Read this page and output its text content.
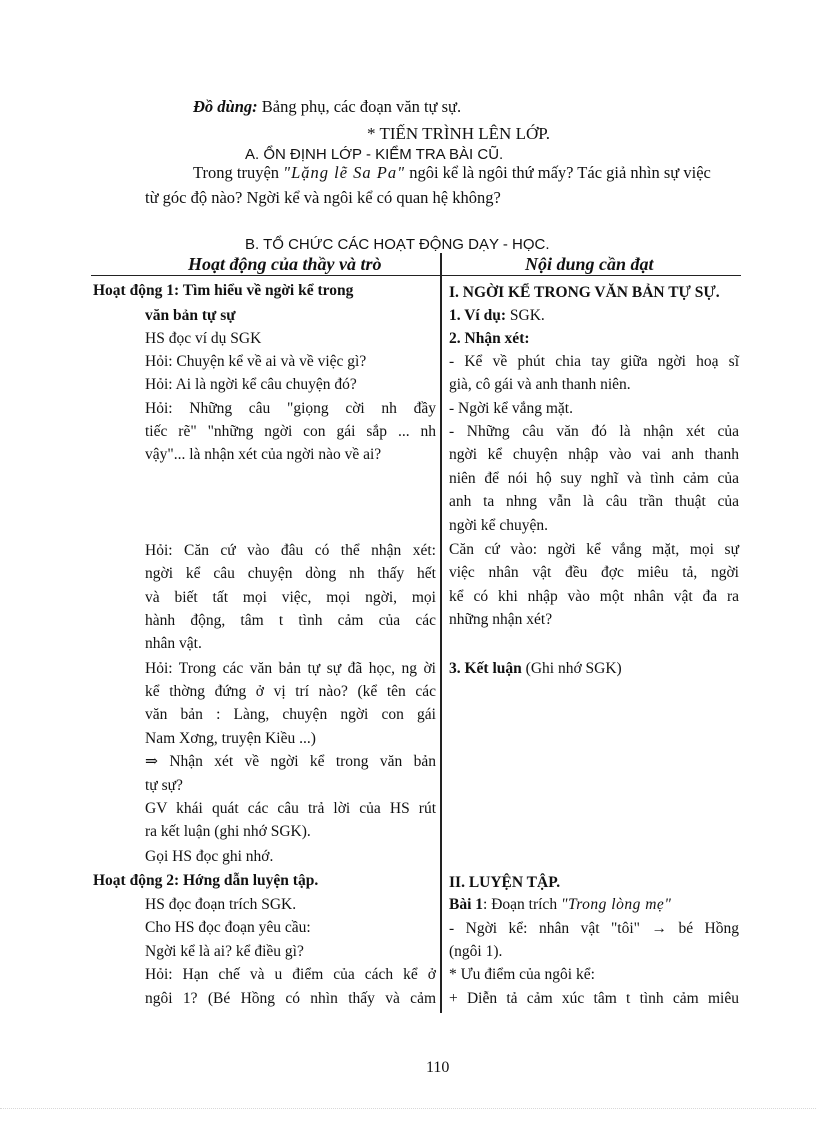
Đồ dùng: Bảng phụ, các đoạn văn tự sự.
* TIẾN TRÌNH LÊN LỚP.
A. ỔN ĐỊNH LỚP - KIỂM TRA BÀI CŨ.
Trong truyện "Lặng lẽ Sa Pa" ngôi kể là ngôi thứ mấy? Tác giả nhìn sự việc
từ góc độ nào? Ngời kể và ngôi kể có quan hệ không?
B. TỔ CHỨC CÁC HOẠT ĐỘNG DẠY - HỌC.
Hoạt động của thầy và trò	Nội dung cần đạt
Hoạt động 1: Tìm hiểu về ngời kể trong
văn bản tự sự
HS đọc ví dụ SGK
Hỏi: Chuyện kể về ai và về việc gì?
Hỏi: Ai là ngời kể câu chuyện đó?
Hỏi: Những câu "giọng cời nh đầy
tiếc rẽ" "những ngời con gái sắp ... nh
vậy"... là nhận xét của ngời nào về ai?
Hỏi: Căn cứ vào đâu có thể nhận xét:
ngời kể câu chuyện dòng nh thấy hết
và biết tất mọi việc, mọi ngời, mọi
hành động, tâm t tình cảm của các
nhân vật.
Hỏi: Trong các văn bản tự sự đã học, ng ời
kể thờng đứng ở vị trí nào? (kể tên các
văn bản : Làng, chuyện ngời con gái
Nam Xơng, truyện Kiều ...)
⇒ Nhận xét về ngời kể trong văn bản
tự sự?
GV khái quát các câu trả lời của HS rút
ra kết luận (ghi nhớ SGK).
Gọi HS đọc ghi nhớ.
Hoạt động 2: Hớng dẫn luyện tập.
HS đọc đoạn trích SGK.
Cho HS đọc đoạn yêu cầu:
Ngời kể là ai? kể điều gì?
Hỏi: Hạn chế và u điểm của cách kể ở
ngôi 1? (Bé Hồng có nhìn thấy và cảm
I. NGỜI KỂ TRONG VĂN BẢN TỰ SỰ.
1. Ví dụ: SGK.
2. Nhận xét:
- Kể về phút chia tay giữa ngời hoạ sĩ
già, cô gái và anh thanh niên.
- Ngời kể vắng mặt.
- Những câu văn đó là nhận xét của
ngời kể chuyện nhập vào vai anh thanh
niên để nói hộ suy nghĩ và tình cảm của
anh ta nhng vẫn là câu trần thuật của
ngời kể chuyện.
Căn cứ vào: ngời kể vắng mặt, mọi sự
việc nhân vật đều đợc miêu tả, ngời
kể có khi nhập vào một nhân vật đa ra
những nhận xét?
3. Kết luận (Ghi nhớ SGK)
II. LUYỆN TẬP.
Bài 1: Đoạn trích "Trong lòng mẹ"
- Ngời kể: nhân vật "tôi" → bé Hồng
(ngôi 1).
* Ưu điểm của ngôi kể:
+ Diễn tả cảm xúc tâm t tình cảm miêu
110
